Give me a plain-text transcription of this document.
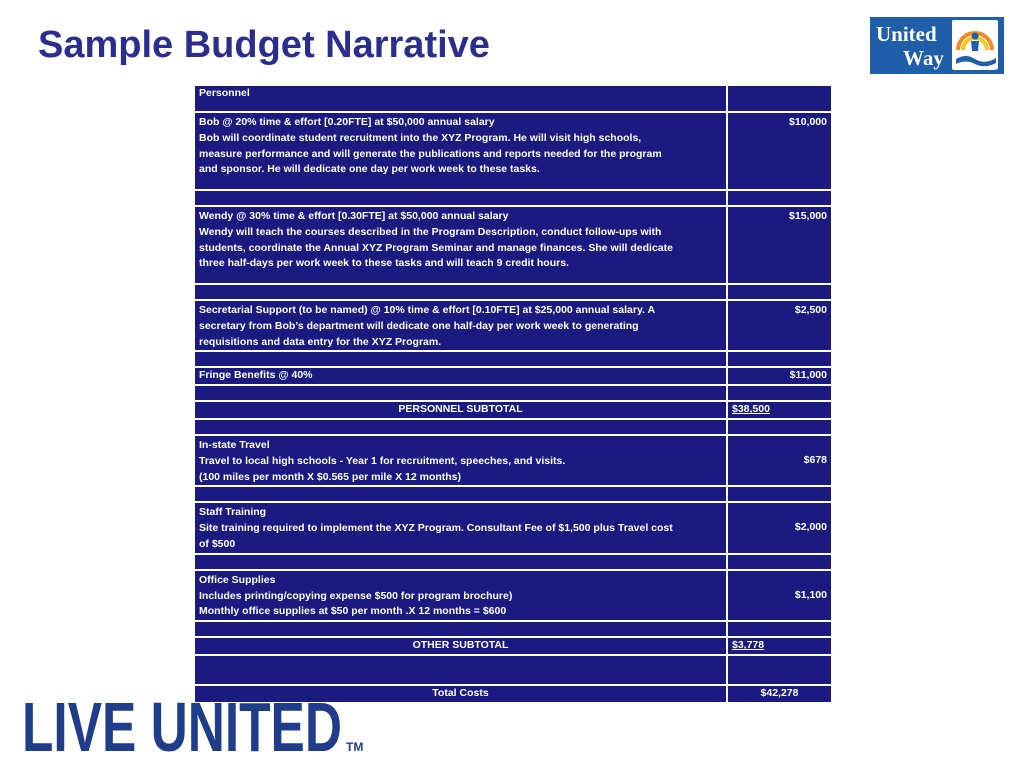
Sample Budget Narrative	United
Way	TM
Personnel	

Bob @ 20% time & effort [0.20FTE] at $50,000 annual salary
Bob will coordinate student recruitment into the XYZ Program. He will visit high schools,
measure performance and will generate the publications and reports needed for the program
and sponsor. He will dedicate one day per work week to these tasks.	$10,000

Wendy @ 30% time & effort [0.30FTE] at $50,000 annual salary
Wendy will teach the courses described in the Program Description, conduct follow-ups with
students, coordinate the Annual XYZ Program Seminar and manage finances. She will dedicate
three half-days per work week to these tasks and will teach 9 credit hours.	$15,000

Secretarial Support (to be named) @ 10% time & effort [0.10FTE] at $25,000 annual salary. A
secretary from Bob’s department will dedicate one half-day per work week to generating
requisitions and data entry for the XYZ Program.	$2,500

Fringe Benefits @ 40%	$11,000

PERSONNEL SUBTOTAL	$38,500

In-state Travel
Travel to local high schools - Year 1 for recruitment, speeches, and visits.
(100 miles per month X $0.565 per mile X 12 months)	$678

Staff Training
Site training required to implement the XYZ Program. Consultant Fee of $1,500 plus Travel cost
of $500	$2,000

Office Supplies
Includes printing/copying expense $500 for program brochure)
Monthly office supplies at $50 per month .X 12 months = $600	$1,100

OTHER SUBTOTAL	$3,778

Total Costs	$42,278
LIVE UNITED TM
